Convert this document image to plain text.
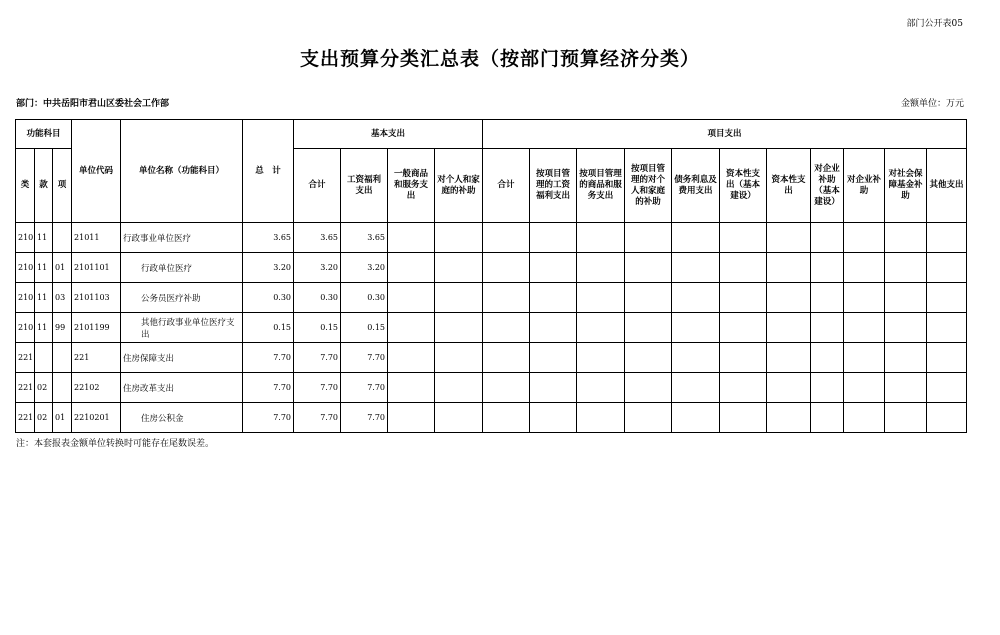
部门公开表05
支出预算分类汇总表（按部门预算经济分类）
部门：中共岳阳市君山区委社会工作部	金额单位：万元
功能科目			单位代码	单位名称（功能科目）	总　计	基本支出				项目支出										
类	款	项				合计	工资福利支出	一般商品和服务支出	对个人和家庭的补助	合计	按项目管理的工资福利支出	按项目管理的商品和服务支出	按项目管理的对个人和家庭的补助	债务利息及费用支出	资本性支出（基本建设）	资本性支出	对企业补助（基本建设）	对企业补助	对社会保障基金补助	其他支出
210	11		21011	行政事业单位医疗	3.65	3.65	3.65													
210	11	01	2101101	行政单位医疗	3.20	3.20	3.20													
210	11	03	2101103	公务员医疗补助	0.30	0.30	0.30													
210	11	99	2101199	其他行政事业单位医疗支出	0.15	0.15	0.15													
221			221	住房保障支出	7.70	7.70	7.70													
221	02		22102	住房改革支出	7.70	7.70	7.70													
221	02	01	2210201	住房公积金	7.70	7.70	7.70													
注：本套报表金额单位转换时可能存在尾数误差。
